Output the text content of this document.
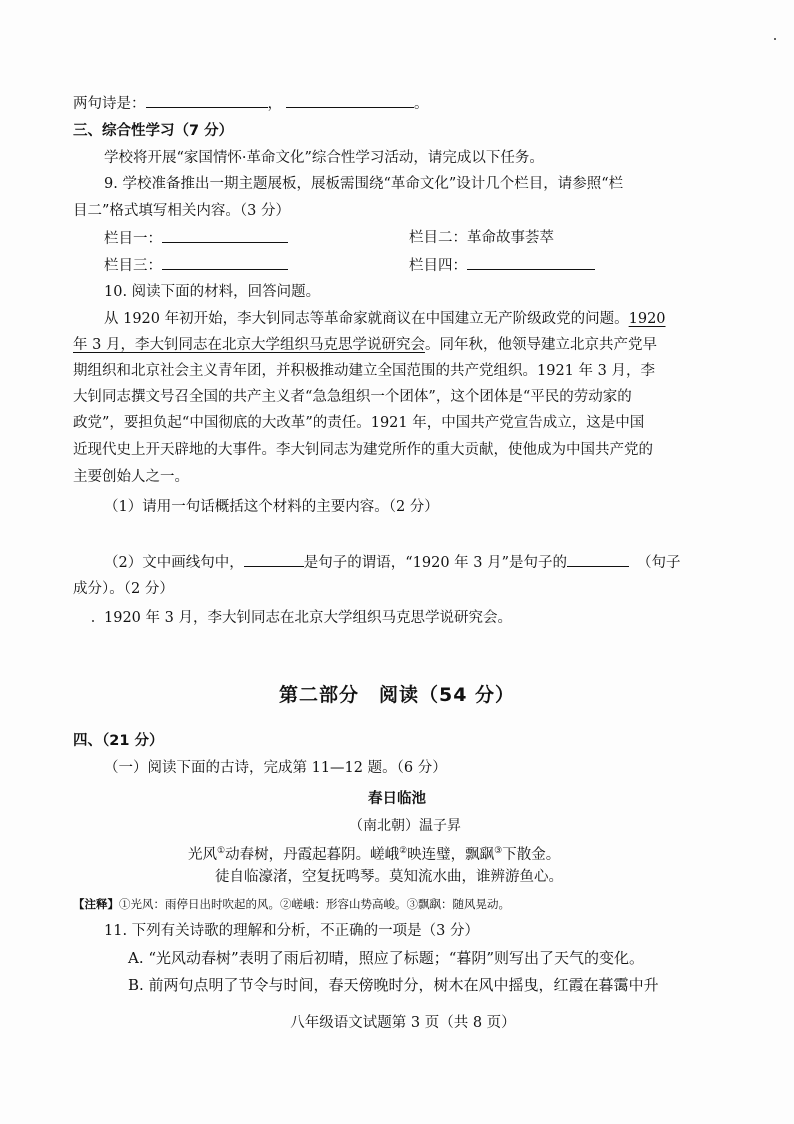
两句诗是：	，	。
三、综合性学习（7 分）
学校将开展“家国情怀·革命文化”综合性学习活动，请完成以下任务。
9. 学校准备推出一期主题展板，展板需围绕“革命文化”设计几个栏目，请参照“栏
目二”格式填写相关内容。（3 分）
栏目一：	栏目二：革命故事荟萃
栏目三：	栏目四：
10. 阅读下面的材料，回答问题。
从 1920 年初开始，李大钊同志等革命家就商议在中国建立无产阶级政党的问题。1920
年 3 月，李大钊同志在北京大学组织马克思学说研究会。同年秋，他领导建立北京共产党早
期组织和北京社会主义青年团，并积极推动建立全国范围的共产党组织。1921 年 3 月，李
大钊同志撰文号召全国的共产主义者“急急组织一个团体”，这个团体是“平民的劳动家的
政党”，要担负起“中国彻底的大改革”的责任。1921 年，中国共产党宣告成立，这是中国
近现代史上开天辟地的大事件。李大钊同志为建党所作的重大贡献，使他成为中国共产党的
主要创始人之一。
（1）请用一句话概括这个材料的主要内容。（2 分）
（2）文中画线句中，	是句子的谓语，“1920 年 3 月”是句子的	（句子
成分）。（2 分）
1920 年 3 月，李大钊同志在北京大学组织马克思学说研究会。
第二部分　阅读（54 分）
四、（21 分）
（一）阅读下面的古诗，完成第 11—12 题。（6 分）
春日临池
（南北朝）温子昇
光风①动春树，丹霞起暮阴。嵯峨②映连璧，飘飖③下散金。
徒自临濠渚，空复抚鸣琴。莫知流水曲，谁辨游鱼心。
【注释】①光风：雨停日出时吹起的风。②嵯峨：形容山势高峻。③飘飖：随风晃动。
11. 下列有关诗歌的理解和分析，不正确的一项是（3 分）
A. “光风动春树”表明了雨后初晴，照应了标题；“暮阴”则写出了天气的变化。
B. 前两句点明了节令与时间，春天傍晚时分，树木在风中摇曳，红霞在暮霭中升
八年级语文试题第 3 页（共 8 页）
